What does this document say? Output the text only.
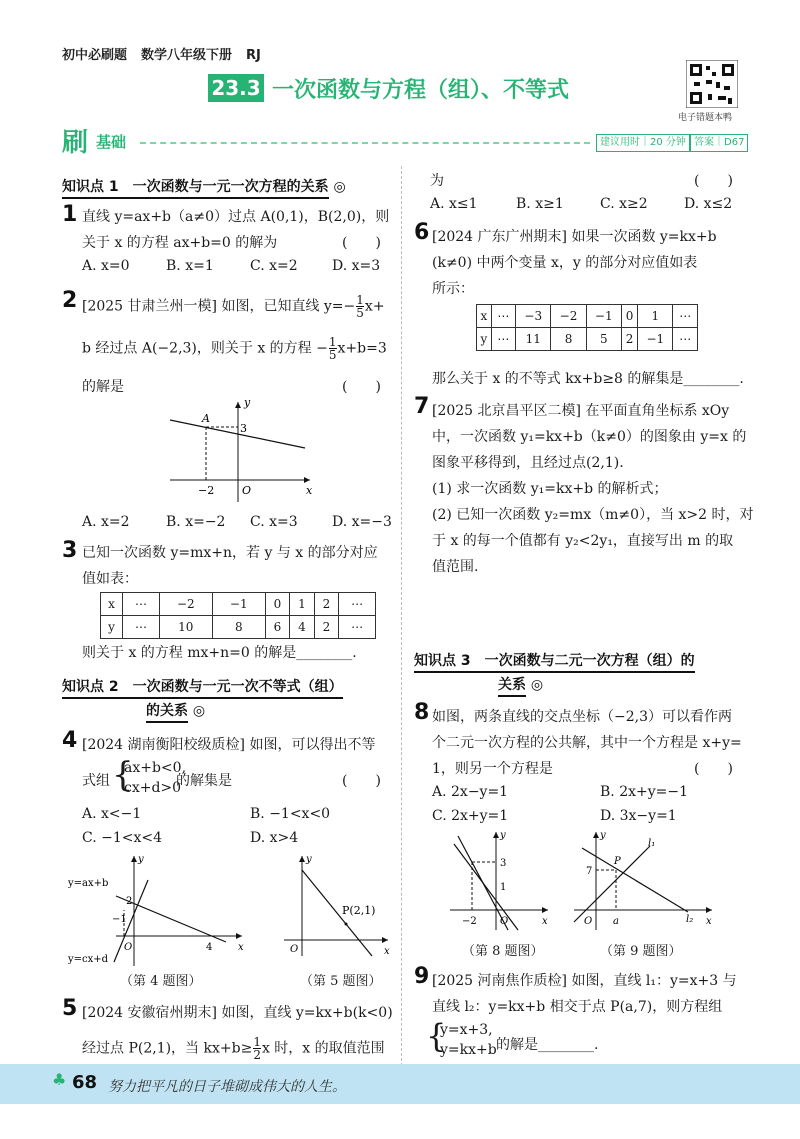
初中必刷题 数学八年级下册 RJ
23.3 一次函数与方程（组）、不等式
电子错题本鸭
刷 基础	建议用时｜20 分钟 答案｜D67
知识点 1　一次函数与一元一次方程的关系 ◎
1 直线 y=ax+b（a≠0）过点 A(0,1)，B(2,0)，则
关于 x 的方程 ax+b=0 的解为	(　　)
A. x=0	B. x=1	C. x=2 D. x=3
2 [2025 甘肃兰州一模] 如图，已知直线 $y=- \frac{1}{5} x+$
b 经过点 A(−2,3)，则关于 x 的方程 − $\frac{1}{5} x+b=3$
的解是	(　　)
y
x
O
A
3
−2
A. x=2	B. x=−2 C. x=3 D. x=−3
3 已知一次函数 y=mx+n，若 y 与 x 的部分对应
值如表：
x	⋯	−2	−1	0	1	2	⋯
y	⋯	10	8	6	4	2	⋯
则关于 x 的方程 mx+n=0 的解是________.
知识点 2　一次函数与一元一次不等式（组）
的关系 ◎
4 [2024 湖南衡阳校级质检] 如图，可以得出不等
式组 {
ax+b<0,
cx+d>0
的解集是	(　　)
A. x<−1	B. −1<x<0
C. −1<x<4	D. x>4
y=ax+b
y=cx+d
y
x
2
4
−1
O
（第 4 题图）
y
x
O
P(2,1)
（第 5 题图）
5 [2024 安徽宿州期末] 如图，直线 y=kx+b(k<0)
经过点 P(2,1)，当 $kx+b\ge \frac{1}{2}$ x 时，x 的取值范围
为	(　　)
A. x≤1	B. x≥1	C. x≥2	D. x≤2
6 [2024 广东广州期末] 如果一次函数 y=kx+b
(k≠0) 中两个变量 x，y 的部分对应值如表
所示：
x	⋯	−3	−2	−1	0	1	⋯
y	⋯	11	8	5	2	−1	⋯
那么关于 x 的不等式 kx+b≥8 的解集是________.
7 [2025 北京昌平区二模] 在平面直角坐标系 xOy
中，一次函数 y₁=kx+b（k≠0）的图象由 y=x 的
图象平移得到，且经过点(2,1).
(1) 求一次函数 y₁=kx+b 的解析式；
(2) 已知一次函数 y₂=mx（m≠0），当 x>2 时，对
于 x 的每一个值都有 y₂<2y₁，直接写出 m 的取
值范围.
知识点 3　一次函数与二元一次方程（组）的
关系 ◎
8 如图，两条直线的交点坐标（−2,3）可以看作两
个二元一次方程的公共解，其中一个方程是 x+y=
1，则另一个方程是	(　　)
A. 2x−y=1	B. 2x+y=−1
C. 2x+y=1	D. 3x−y=1
y
x
O
3
1
−2
（第 8 题图）
y
x
O
P
7
a
l₁
l₂
（第 9 题图）
9 [2025 河南焦作质检] 如图，直线 l₁：y=x+3 与
直线 l₂：y=kx+b 相交于点 P(a,7)，则方程组
{
y=x+3,
y=kx+b 的解是________.
♣ 68 努力把平凡的日子堆砌成伟大的人生。
